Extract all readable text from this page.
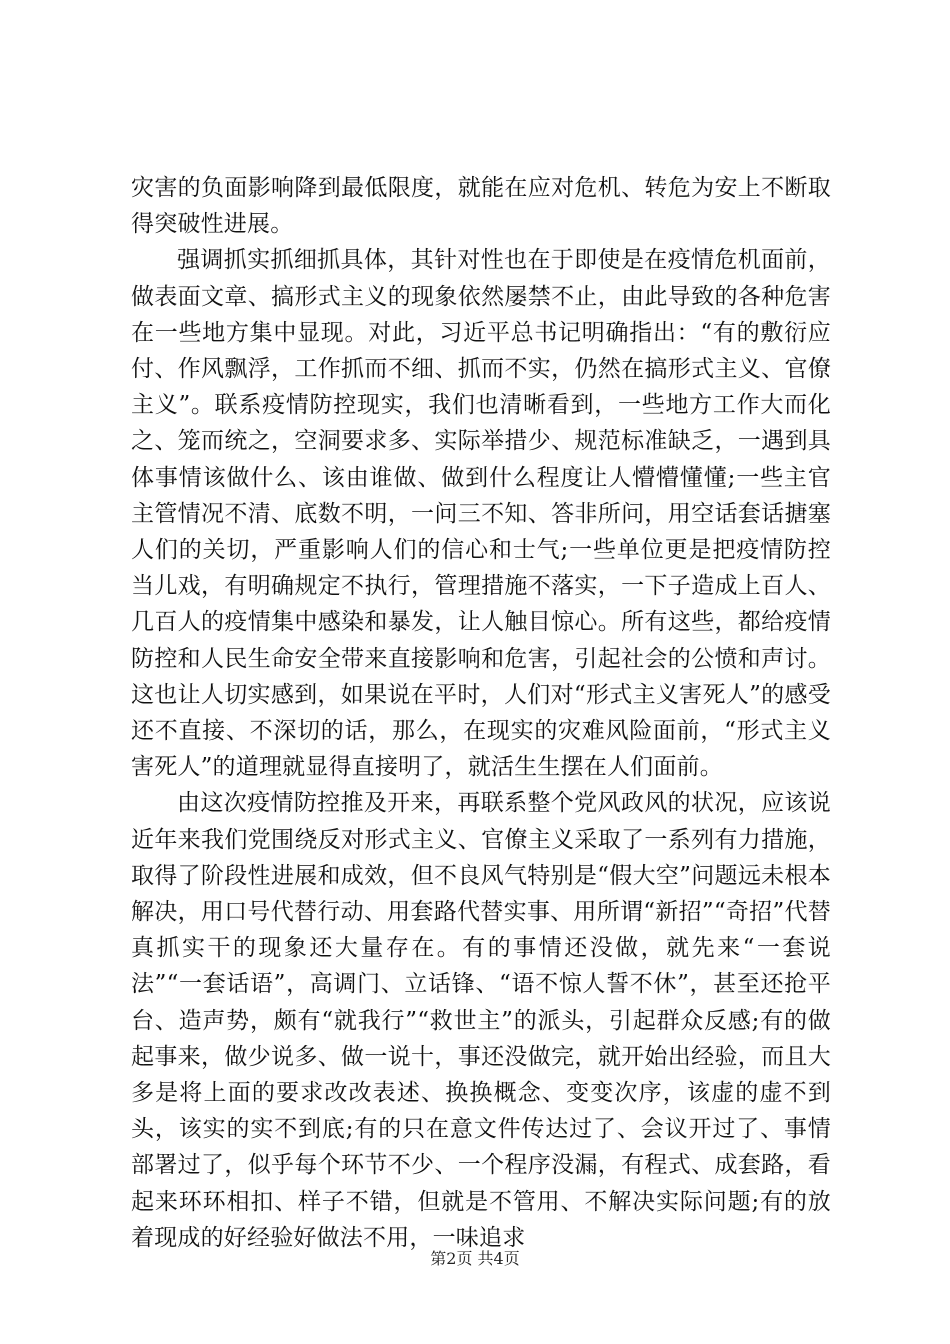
灾害的负面影响降到最低限度，就能在应对危机、转危为安上不断取得突破性进展。

强调抓实抓细抓具体，其针对性也在于即使是在疫情危机面前，做表面文章、搞形式主义的现象依然屡禁不止，由此导致的各种危害在一些地方集中显现。对此，习近平总书记明确指出：“有的敷衍应付、作风飘浮，工作抓而不细、抓而不实，仍然在搞形式主义、官僚主义”。联系疫情防控现实，我们也清晰看到，一些地方工作大而化之、笼而统之，空洞要求多、实际举措少、规范标准缺乏，一遇到具体事情该做什么、该由谁做、做到什么程度让人懵懵懂懂;一些主官主管情况不清、底数不明，一问三不知、答非所问，用空话套话搪塞人们的关切，严重影响人们的信心和士气;一些单位更是把疫情防控当儿戏，有明确规定不执行，管理措施不落实，一下子造成上百人、几百人的疫情集中感染和暴发，让人触目惊心。所有这些，都给疫情防控和人民生命安全带来直接影响和危害，引起社会的公愤和声讨。这也让人切实感到，如果说在平时，人们对“形式主义害死人”的感受还不直接、不深切的话，那么，在现实的灾难风险面前，“形式主义害死人”的道理就显得直接明了，就活生生摆在人们面前。

由这次疫情防控推及开来，再联系整个党风政风的状况，应该说近年来我们党围绕反对形式主义、官僚主义采取了一系列有力措施，取得了阶段性进展和成效，但不良风气特别是“假大空”问题远未根本解决，用口号代替行动、用套路代替实事、用所谓“新招”“奇招”代替真抓实干的现象还大量存在。有的事情还没做，就先来“一套说法”“一套话语”，高调门、立话锋、“语不惊人誓不休”，甚至还抢平台、造声势，颇有“就我行”“救世主”的派头，引起群众反感;有的做起事来，做少说多、做一说十，事还没做完，就开始出经验，而且大多是将上面的要求改改表述、换换概念、变变次序，该虚的虚不到头，该实的实不到底;有的只在意文件传达过了、会议开过了、事情部署过了，似乎每个环节不少、一个程序没漏，有程式、成套路，看起来环环相扣、样子不错，但就是不管用、不解决实际问题;有的放着现成的好经验好做法不用，一味追求

第2页 共4页
